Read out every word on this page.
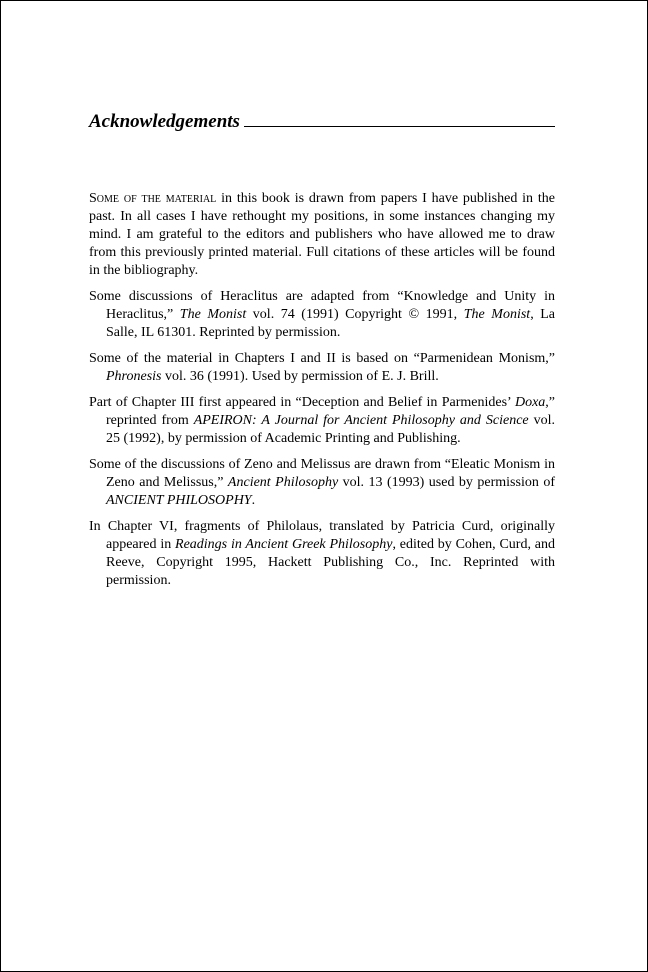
Acknowledgements

Some of the material in this book is drawn from papers I have published in the past. In all cases I have rethought my positions, in some instances changing my mind. I am grateful to the editors and publishers who have allowed me to draw from this previously printed material. Full citations of these articles will be found in the bibliography.

Some discussions of Heraclitus are adapted from “Knowledge and Unity in Heraclitus,” The Monist vol. 74 (1991) Copyright © 1991, The Monist, La Salle, IL 61301. Reprinted by permission.

Some of the material in Chapters I and II is based on “Parmenidean Monism,” Phronesis vol. 36 (1991). Used by permission of E. J. Brill.

Part of Chapter III first appeared in “Deception and Belief in Parmenides’ Doxa,” reprinted from APEIRON: A Journal for Ancient Philosophy and Science vol. 25 (1992), by permission of Academic Printing and Publishing.

Some of the discussions of Zeno and Melissus are drawn from “Eleatic Monism in Zeno and Melissus,” Ancient Philosophy vol. 13 (1993) used by permission of ANCIENT PHILOSOPHY.

In Chapter VI, fragments of Philolaus, translated by Patricia Curd, originally appeared in Readings in Ancient Greek Philosophy, edited by Cohen, Curd, and Reeve, Copyright 1995, Hackett Publishing Co., Inc. Reprinted with permission.
